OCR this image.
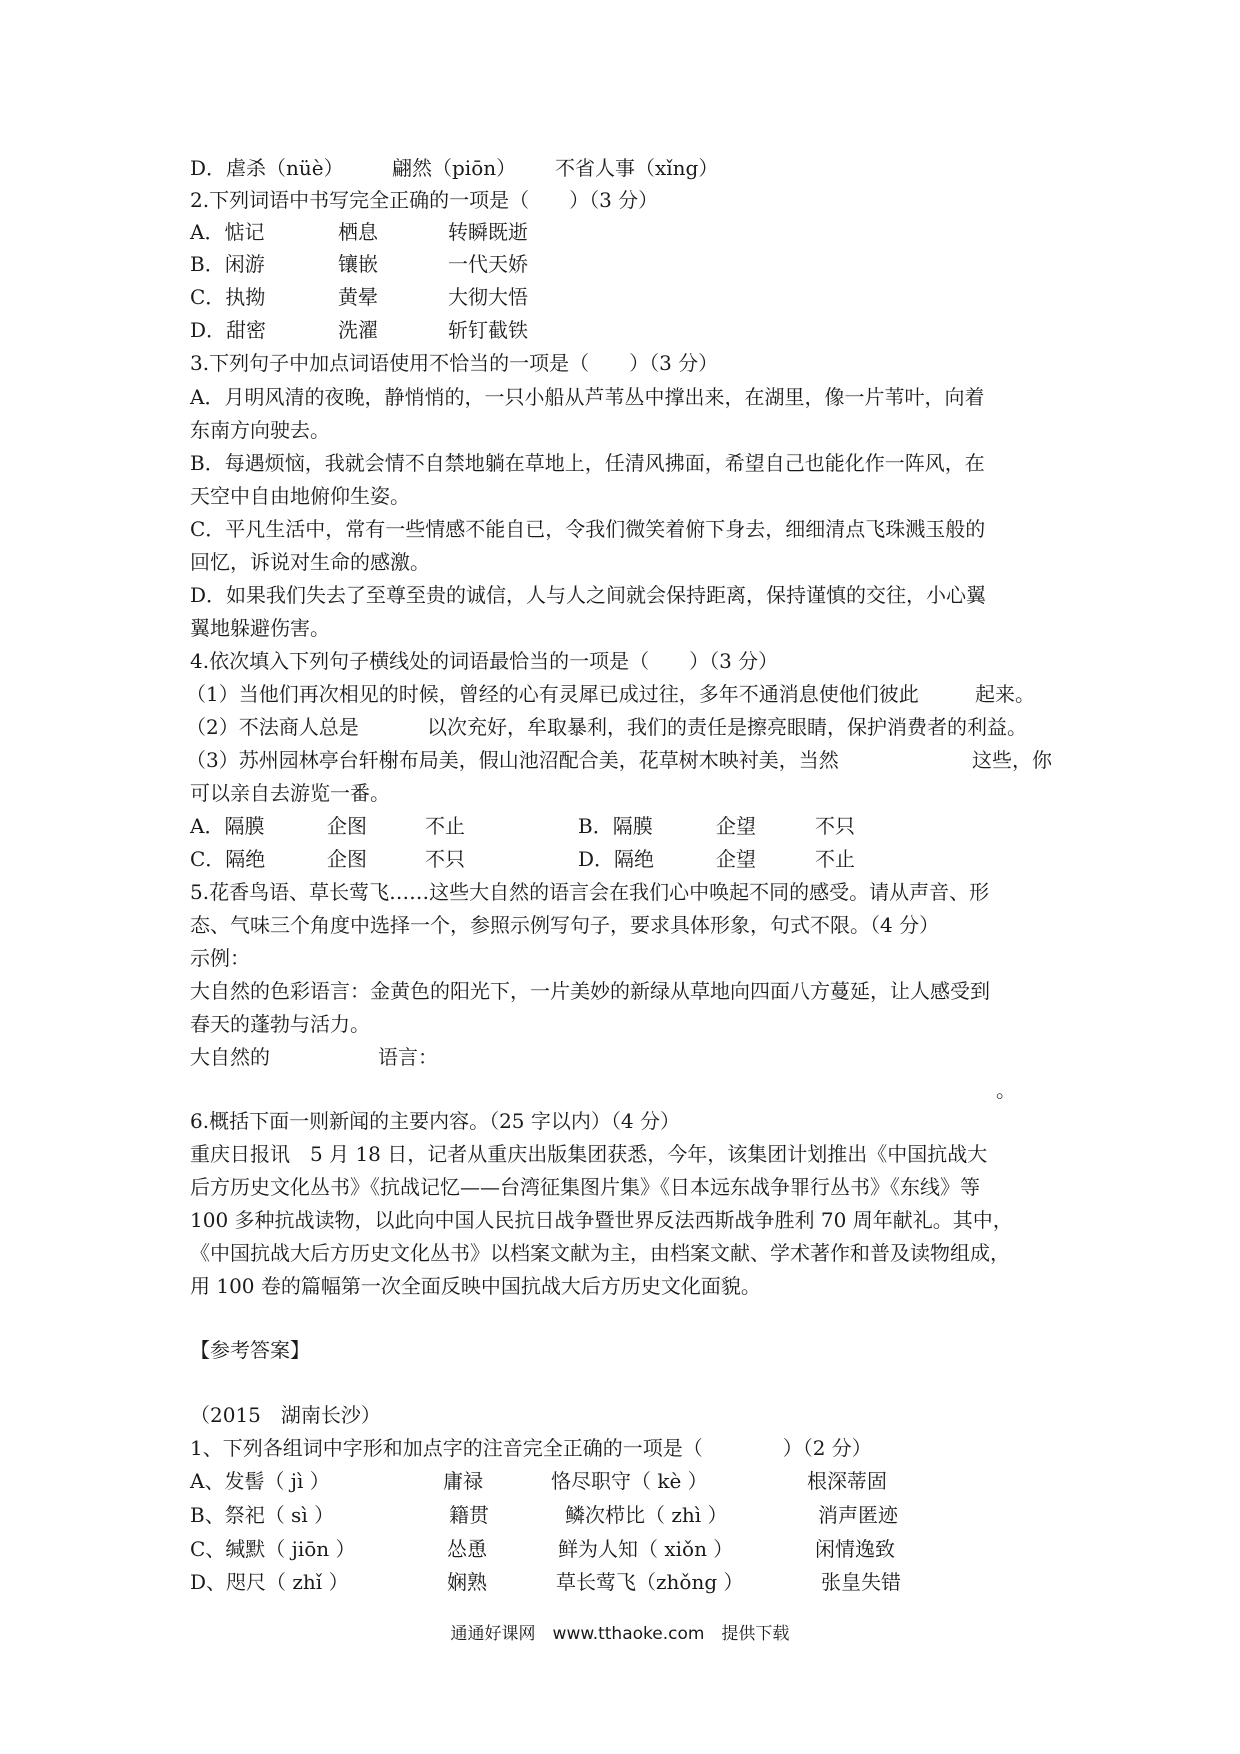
D．虐杀（nüè） 翩然（piōn） 不省人事（xǐng）
2.下列词语中书写完全正确的一项是（　　）（3 分）
A．惦记	栖息	转瞬既逝
B．闲游	镶嵌	一代天娇
C．执拗	黄晕	大彻大悟
D．甜密	洗濯	斩钉截铁
3.下列句子中加点词语使用不恰当的一项是（　　）（3 分）
A．月明风清的夜晚，静悄悄的，一只小船从芦苇丛中撑出来，在湖里，像一片苇叶，向着
东南方向驶去。
B．每遇烦恼，我就会情不自禁地躺在草地上，任清风拂面，希望自己也能化作一阵风，在
天空中自由地俯仰生姿。
C．平凡生活中，常有一些情感不能自已，令我们微笑着俯下身去，细细清点飞珠溅玉般的
回忆，诉说对生命的感激。
D．如果我们失去了至尊至贵的诚信，人与人之间就会保持距离，保持谨慎的交往，小心翼
翼地躲避伤害。
4.依次填入下列句子横线处的词语最恰当的一项是（　　）（3 分）
（1）当他们再次相见的时候，曾经的心有灵犀已成过往，多年不通消息使他们彼此	起来。
（2）不法商人总是	以次充好，牟取暴利，我们的责任是擦亮眼睛，保护消费者的利益。
（3）苏州园林亭台轩榭布局美，假山池沼配合美，花草树木映衬美，当然	这些，你
可以亲自去游览一番。
A．隔膜	企图	不止	B．隔膜	企望	不只
C．隔绝	企图	不只	D．隔绝	企望	不止
5.花香鸟语、草长莺飞……这些大自然的语言会在我们心中唤起不同的感受。请从声音、形
态、气味三个角度中选择一个，参照示例写句子，要求具体形象，句式不限。（4 分）
示例：
大自然的色彩语言：金黄色的阳光下，一片美妙的新绿从草地向四面八方蔓延，让人感受到
春天的蓬勃与活力。
大自然的	语言：
。
6.概括下面一则新闻的主要内容。（25 字以内）（4 分）
重庆日报讯　5 月 18 日，记者从重庆出版集团获悉，今年，该集团计划推出《中国抗战大
后方历史文化丛书》《抗战记忆——台湾征集图片集》《日本远东战争罪行丛书》《东线》等
100 多种抗战读物，以此向中国人民抗日战争暨世界反法西斯战争胜利 70 周年献礼。其中，
《中国抗战大后方历史文化丛书》以档案文献为主，由档案文献、学术著作和普及读物组成，
用 100 卷的篇幅第一次全面反映中国抗战大后方历史文化面貌。
【参考答案】
（2015　湖南长沙）
1、下列各组词中字形和加点字的注音完全正确的一项是（　　　　）（2 分）
A、发髻（ jì ）	庸禄	恪尽职守（ kè ）	根深蒂固
B、祭祀（ sì ）	籍贯	鳞次栉比（ zhì ）	消声匿迹
C、缄默（ jiōn ）	怂恿	鲜为人知（ xiǒn ）	闲情逸致
D、咫尺（ zhǐ ）	娴熟	草长莺飞（zhǒng ）	张皇失错
通通好课网　www.tthaoke.com　提供下载
